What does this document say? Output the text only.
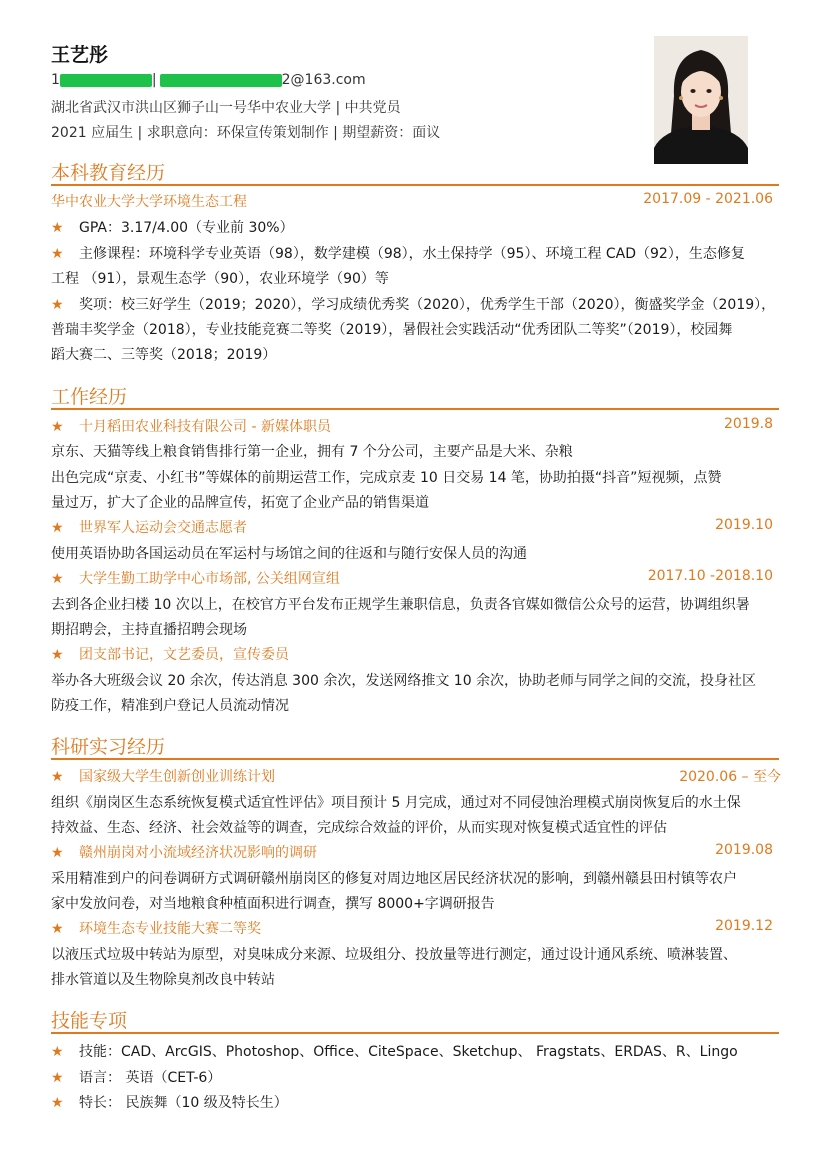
王艺彤
1	|	2@163.com
湖北省武汉市洪山区狮子山一号华中农业大学 | 中共党员
2021 应届生 | 求职意向：环保宣传策划制作 | 期望薪资：面议
本科教育经历
华中农业大学大学环境生态工程	2017.09 - 2021.06
★ GPA：3.17/4.00（专业前 30%）
★ 主修课程：环境科学专业英语（98），数学建模（98），水土保持学（95）、环境工程 CAD（92），生态修复
工程 （91），景观生态学（90），农业环境学（90）等
★ 奖项：校三好学生（2019；2020），学习成绩优秀奖（2020），优秀学生干部（2020），衡盛奖学金（2019），
普瑞丰奖学金（2018），专业技能竞赛二等奖（2019），暑假社会实践活动“优秀团队二等奖”（2019），校园舞
蹈大赛二、三等奖（2018；2019）
工作经历
★ 十月稻田农业科技有限公司 - 新媒体职员	2019.8
京东、天猫等线上粮食销售排行第一企业，拥有 7 个分公司，主要产品是大米、杂粮
出色完成“京麦、小红书”等媒体的前期运营工作，完成京麦 10 日交易 14 笔，协助拍摄“抖音”短视频，点赞
量过万，扩大了企业的品牌宣传，拓宽了企业产品的销售渠道
★ 世界军人运动会交通志愿者	2019.10
使用英语协助各国运动员在军运村与场馆之间的往返和与随行安保人员的沟通
★ 大学生勤工助学中心市场部, 公关组网宣组	2017.10 -2018.10
去到各企业扫楼 10 次以上，在校官方平台发布正规学生兼职信息，负责各官媒如微信公众号的运营，协调组织暑
期招聘会，主持直播招聘会现场
★ 团支部书记，文艺委员，宣传委员
举办各大班级会议 20 余次，传达消息 300 余次，发送网络推文 10 余次，协助老师与同学之间的交流，投身社区
防疫工作，精准到户登记人员流动情况
科研实习经历
★ 国家级大学生创新创业训练计划	2020.06 – 至今
组织《崩岗区生态系统恢复模式适宜性评估》项目预计 5 月完成，通过对不同侵蚀治理模式崩岗恢复后的水土保
持效益、生态、经济、社会效益等的调查，完成综合效益的评价，从而实现对恢复模式适宜性的评估
★ 赣州崩岗对小流域经济状况影响的调研	2019.08
采用精准到户的问卷调研方式调研赣州崩岗区的修复对周边地区居民经济状况的影响，到赣州赣县田村镇等农户
家中发放问卷，对当地粮食种植面积进行调查，撰写 8000+字调研报告
★ 环境生态专业技能大赛二等奖	2019.12
以液压式垃圾中转站为原型，对臭味成分来源、垃圾组分、投放量等进行测定，通过设计通风系统、喷淋装置、
排水管道以及生物除臭剂改良中转站
技能专项
★ 技能：CAD、ArcGIS、Photoshop、Office、CiteSpace、Sketchup、 Fragstats、ERDAS、R、Lingo
★ 语言： 英语（CET-6）
★ 特长： 民族舞（10 级及特长生）
